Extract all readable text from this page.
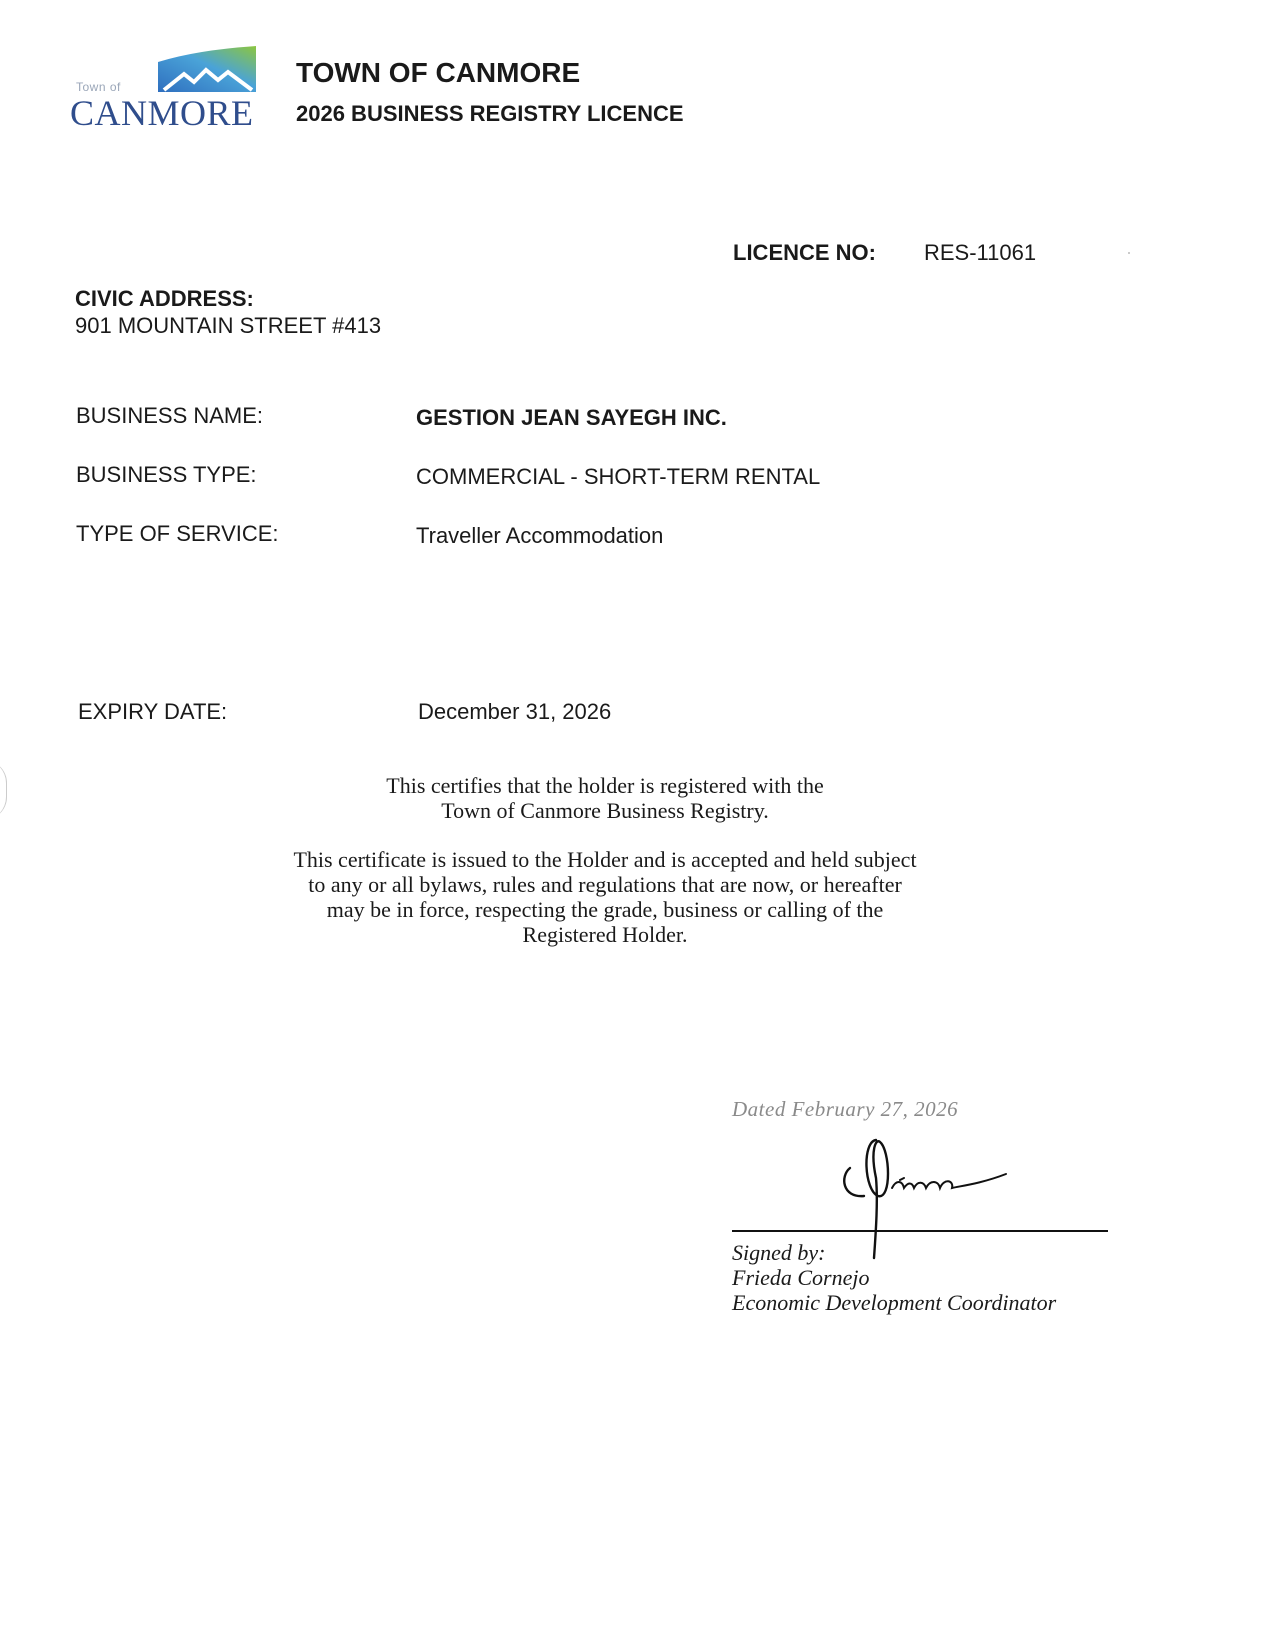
Town of
CANMORE
TOWN OF CANMORE
2026 BUSINESS REGISTRY LICENCE
LICENCE NO: RES-11061
CIVIC ADDRESS:
901 MOUNTAIN STREET #413
BUSINESS NAME:	GESTION JEAN SAYEGH INC.
BUSINESS TYPE:	COMMERCIAL - SHORT-TERM RENTAL
TYPE OF SERVICE:	Traveller Accommodation
EXPIRY DATE:	December 31, 2026
This certifies that the holder is registered with the
Town of Canmore Business Registry.
This certificate is issued to the Holder and is accepted and held subject
to any or all bylaws, rules and regulations that are now, or hereafter
may be in force, respecting the grade, business or calling of the
Registered Holder.
Dated February 27, 2026
Signed by:
Frieda Cornejo
Economic Development Coordinator
